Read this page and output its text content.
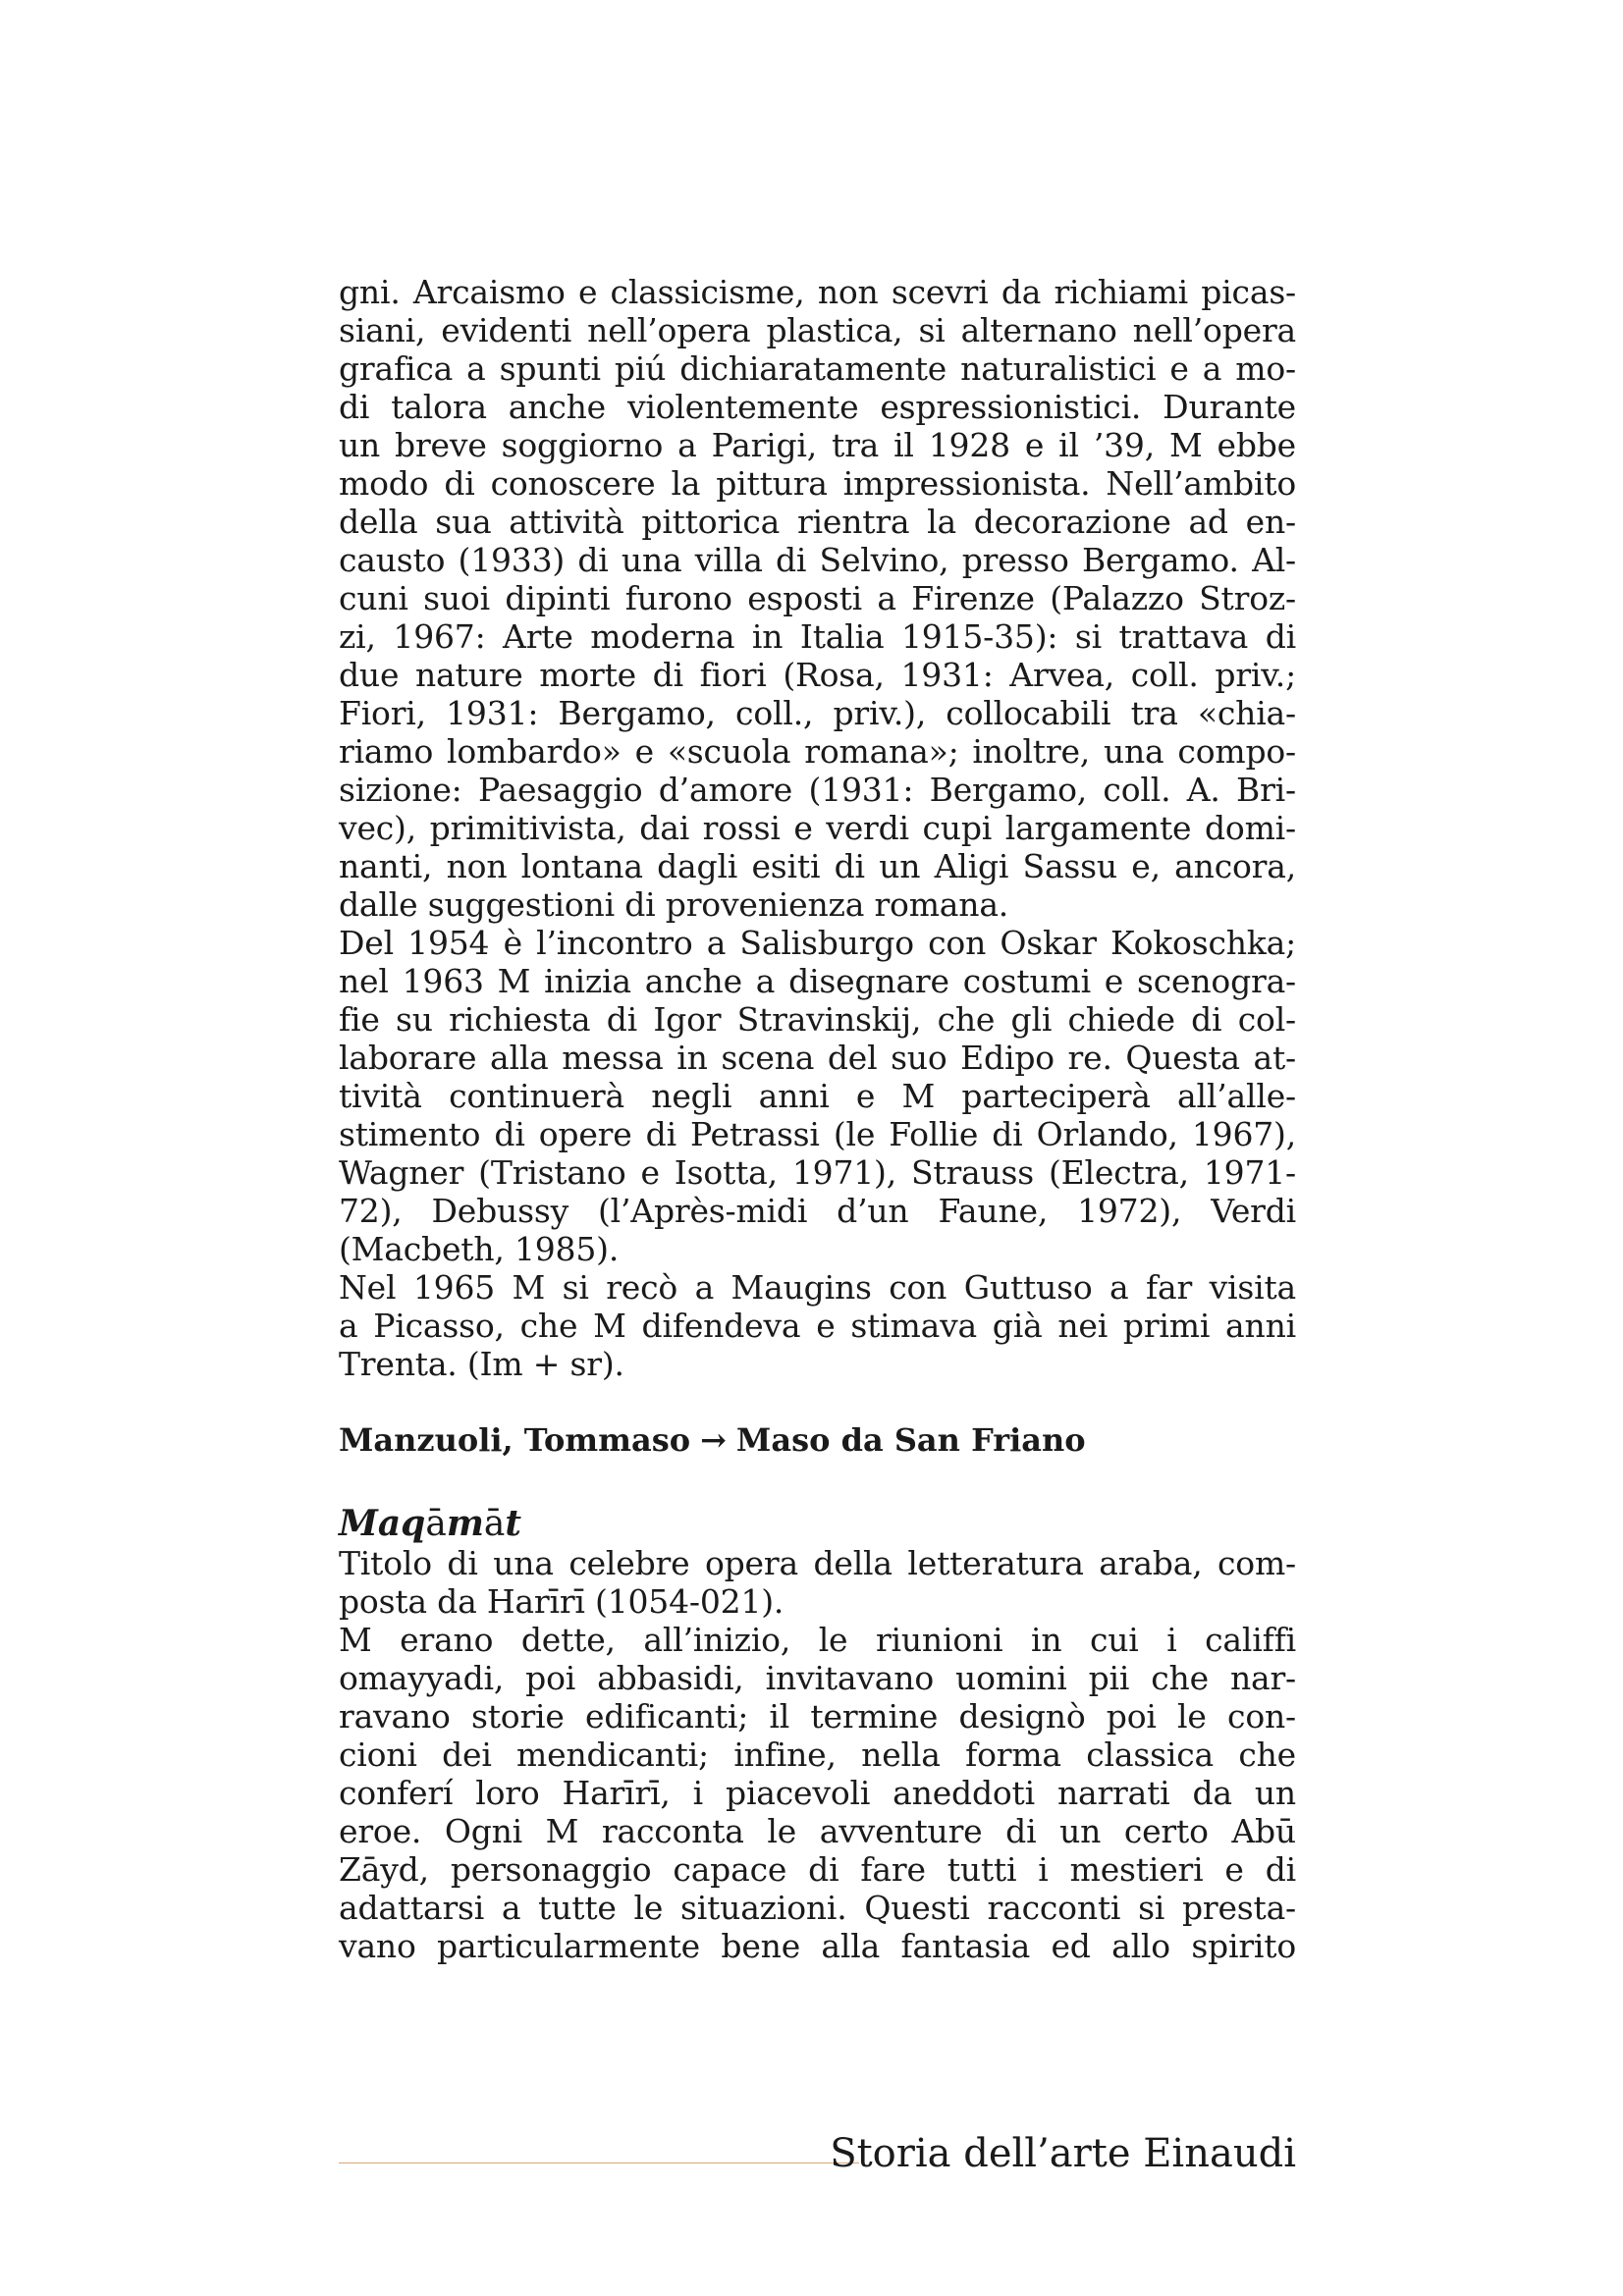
gni. Arcaismo e classicisme, non scevri da richiami picas-
siani, evidenti nell’opera plastica, si alternano nell’opera
grafica a spunti piú dichiaratamente naturalistici e a mo-
di talora anche violentemente espressionistici. Durante
un breve soggiorno a Parigi, tra il 1928 e il ’39, M ebbe
modo di conoscere la pittura impressionista. Nell’ambito
della sua attività pittorica rientra la decorazione ad en-
causto (1933) di una villa di Selvino, presso Bergamo. Al-
cuni suoi dipinti furono esposti a Firenze (Palazzo Stroz-
zi, 1967: Arte moderna in Italia 1915-35): si trattava di
due nature morte di fiori (Rosa, 1931: Arvea, coll. priv.;
Fiori, 1931: Bergamo, coll., priv.), collocabili tra «chia-
riamo lombardo» e «scuola romana»; inoltre, una compo-
sizione: Paesaggio d’amore (1931: Bergamo, coll. A. Bri-
vec), primitivista, dai rossi e verdi cupi largamente domi-
nanti, non lontana dagli esiti di un Aligi Sassu e, ancora,
dalle suggestioni di provenienza romana.
Del 1954 è l’incontro a Salisburgo con Oskar Kokoschka;
nel 1963 M inizia anche a disegnare costumi e scenogra-
fie su richiesta di Igor Stravinskij, che gli chiede di col-
laborare alla messa in scena del suo Edipo re. Questa at-
tività continuerà negli anni e M parteciperà all’alle-
stimento di opere di Petrassi (le Follie di Orlando, 1967),
Wagner (Tristano e Isotta, 1971), Strauss (Electra, 1971-
72), Debussy (l’Après-midi d’un Faune, 1972), Verdi
(Macbeth, 1985).
Nel 1965 M si recò a Maugins con Guttuso a far visita
a Picasso, che M difendeva e stimava già nei primi anni
Trenta. (Im + sr).
Manzuoli, Tommaso → Maso da San Friano
Maqāmāt
Titolo di una celebre opera della letteratura araba, com-
posta da Harīrī (1054-021).
M erano dette, all’inizio, le riunioni in cui i califfi
omayyadi, poi abbasidi, invitavano uomini pii che nar-
ravano storie edificanti; il termine designò poi le con-
cioni dei mendicanti; infine, nella forma classica che
conferí loro Harīrī, i piacevoli aneddoti narrati da un
eroe. Ogni M racconta le avventure di un certo Abū
Zāyd, personaggio capace di fare tutti i mestieri e di
adattarsi a tutte le situazioni. Questi racconti si presta-
vano particularmente bene alla fantasia ed allo spirito
Storia dell’arte Einaudi
